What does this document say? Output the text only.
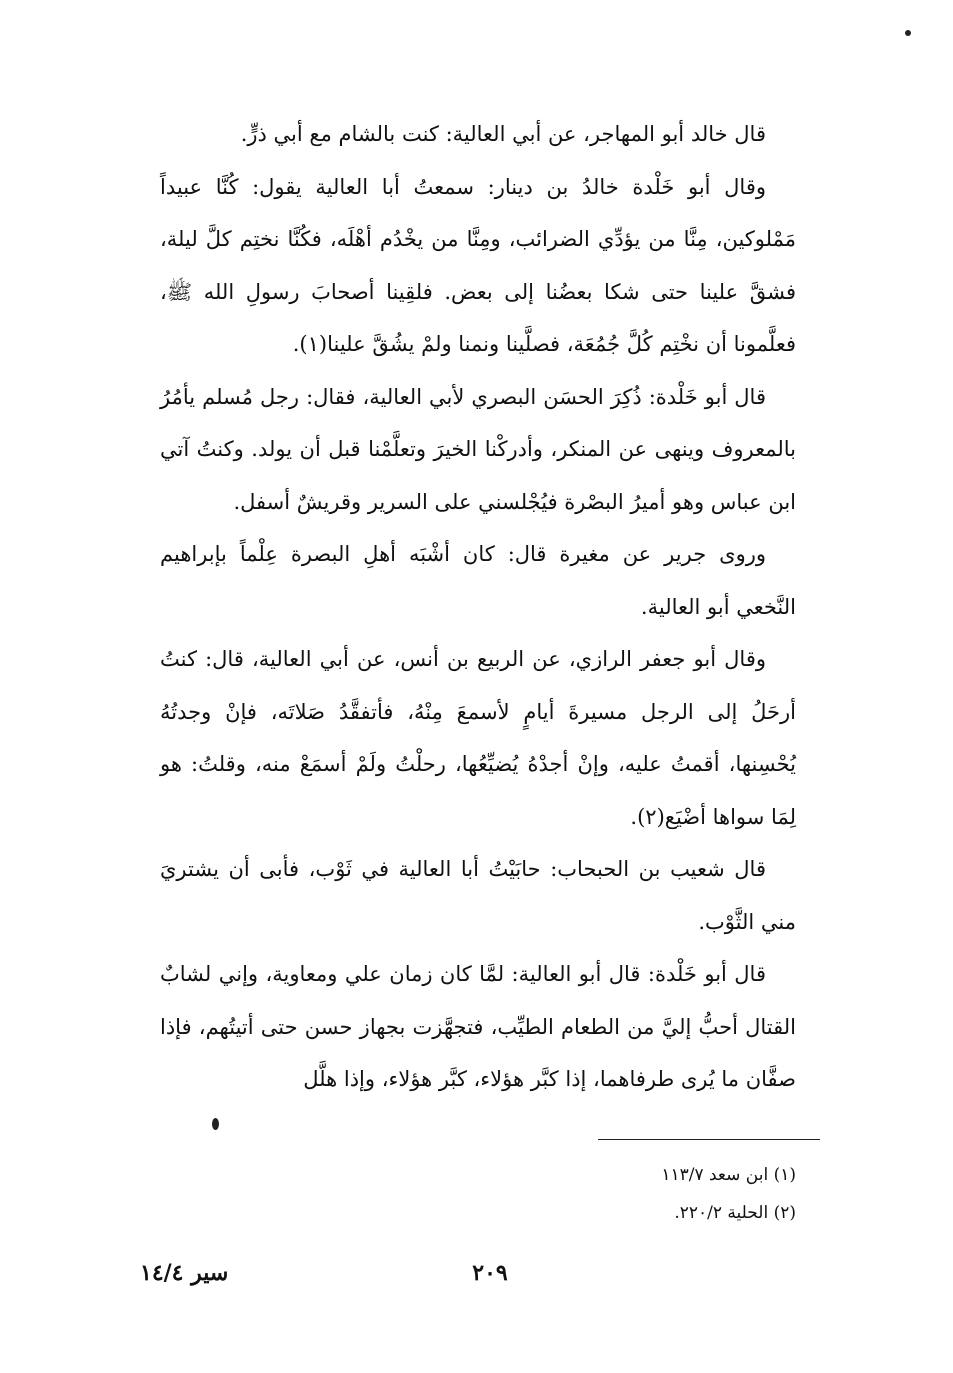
قال خالد أبو المهاجر، عن أبي العالية: كنت بالشام مع أبي ذرٍّ.

وقال أبو خَلْدة خالدُ بن دينار: سمعتُ أبا العالية يقول: كُنَّا عبيداً مَمْلوكين، مِنَّا من يؤدِّي الضرائب، ومِنَّا من يخْدُم أهْلَه، فكُنَّا نختِم كلَّ ليلة، فشقَّ علينا حتى شكا بعضُنا إلى بعض. فلقِينا أصحابَ رسولِ الله ﷺ، فعلَّمونا أن نخْتِم كُلَّ جُمُعَة، فصلَّينا ونمنا ولمْ يشُقَّ علينا(١).

قال أبو خَلْدة: ذُكِرَ الحسَن البصري لأبي العالية، فقال: رجل مُسلم يأمُرُ بالمعروف وينهى عن المنكر، وأدركْنا الخيرَ وتعلَّمْنا قبل أن يولد. وكنتُ آتي ابن عباس وهو أميرُ البصْرة فيُجْلسني على السرير وقريشٌ أسفل.

وروى جرير عن مغيرة قال: كان أشْبَه أهلِ البصرة عِلْماً بإبراهيم النَّخعي أبو العالية.

وقال أبو جعفر الرازي، عن الربيع بن أنس، عن أبي العالية، قال: كنتُ أرحَلُ إلى الرجل مسيرةَ أيامٍ لأسمعَ مِنْهُ، فأتفقَّدُ صَلاتَه، فإنْ وجدتُهُ يُحْسِنها، أقمتُ عليه، وإنْ أجدْهُ يُضيِّعُها، رحلْتُ ولَمْ أسمَعْ منه، وقلتُ: هو لِمَا سواها أضْيَع(٢).

قال شعيب بن الحبحاب: حابَيْتُ أبا العالية في ثَوْب، فأبى أن يشتريَ مني الثَّوْب.

قال أبو خَلْدة: قال أبو العالية: لمَّا كان زمان علي ومعاوية، وإني لشابٌ القتال أحبُّ إليَّ من الطعام الطيِّب، فتجهَّزت بجهاز حسن حتى أتيتُهم، فإذا صفَّان ما يُرى طرفاهما، إذا كبَّر هؤلاء، كبَّر هؤلاء، وإذا هلَّل

(١) ابن سعد ١١٣/٧
(٢) الحلية ٢٢٠/٢.
٢٠٩
سير ١٤/٤
